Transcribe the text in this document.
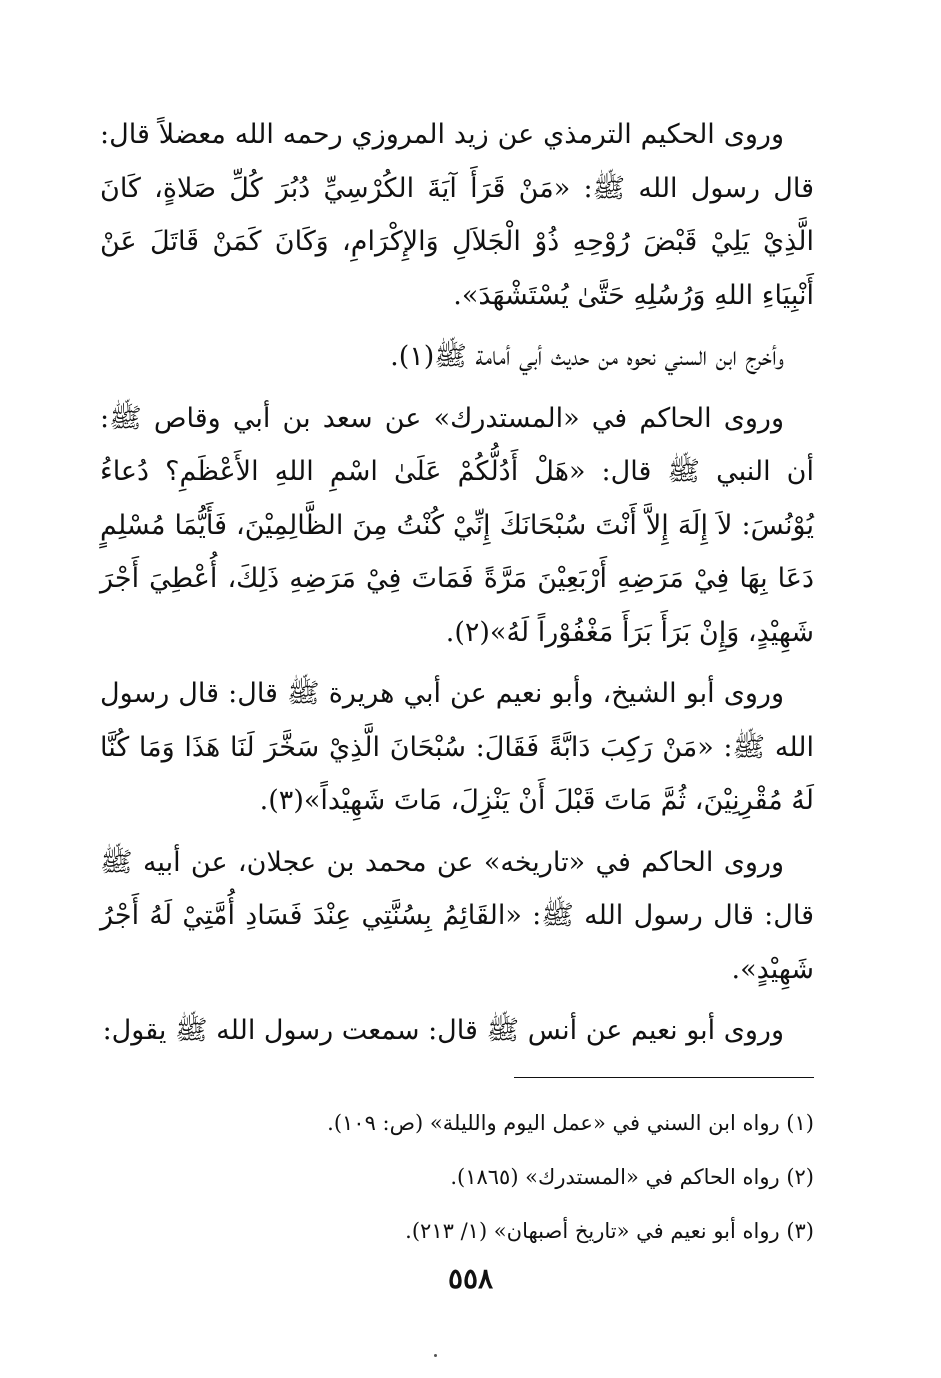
وروى الحكيم الترمذي عن زيد المروزي رحمه الله معضلاً قال: قال رسول الله ﷺ: «مَنْ قَرَأَ آيَةَ الكُرْسِيِّ دُبُرَ كُلِّ صَلاةٍ، كَانَ الَّذِيْ يَلِيْ قَبْضَ رُوْحِهِ ذُوْ الْجَلاَلِ وَالإِكْرَامِ، وَكَانَ كَمَنْ قَاتَلَ عَنْ أَنْبِيَاءِ اللهِ وَرُسُلِهِ حَتَّىٰ يُسْتَشْهَدَ».

وأخرج ابن السني نحوه من حديث أبي أمامة ﷺ(١).

وروى الحاكم في «المستدرك» عن سعد بن أبي وقاص ﷺ: أن النبي ﷺ قال: «هَلْ أَدُلُّكُمْ عَلَىٰ اسْمِ اللهِ الأَعْظَمِ؟ دُعاءُ يُوْنُسَ: لاَ إِلَهَ إِلاَّ أَنْتَ سُبْحَانَكَ إِنِّيْ كُنْتُ مِنَ الظَّالِمِيْنَ، فَأَيُّمَا مُسْلِمٍ دَعَا بِهَا فِيْ مَرَضِهِ أَرْبَعِيْنَ مَرَّةً فَمَاتَ فِيْ مَرَضِهِ ذَلِكَ، أُعْطِيَ أَجْرَ شَهِيْدٍ، وَإِنْ بَرَأَ بَرَأَ مَغْفُوْراً لَهُ»(٢).

وروى أبو الشيخ، وأبو نعيم عن أبي هريرة ﷺ قال: قال رسول الله ﷺ: «مَنْ رَكِبَ دَابَّةً فَقَالَ: سُبْحَانَ الَّذِيْ سَخَّرَ لَنَا هَذَا وَمَا كُنَّا لَهُ مُقْرِنِيْنَ، ثُمَّ مَاتَ قَبْلَ أَنْ يَنْزِلَ، مَاتَ شَهِيْداً»(٣).

وروى الحاكم في «تاريخه» عن محمد بن عجلان، عن أبيه ﷺ قال: قال رسول الله ﷺ: «القَائِمُ بِسُنَّتِي عِنْدَ فَسَادِ أُمَّتِيْ لَهُ أَجْرُ شَهِيْدٍ».

وروى أبو نعيم عن أنس ﷺ قال: سمعت رسول الله ﷺ يقول:

(١) رواه ابن السني في «عمل اليوم والليلة» (ص: ١٠٩).
(٢) رواه الحاكم في «المستدرك» (١٨٦٥).
(٣) رواه أبو نعيم في «تاريخ أصبهان» (١/ ٢١٣).
٥٥٨
